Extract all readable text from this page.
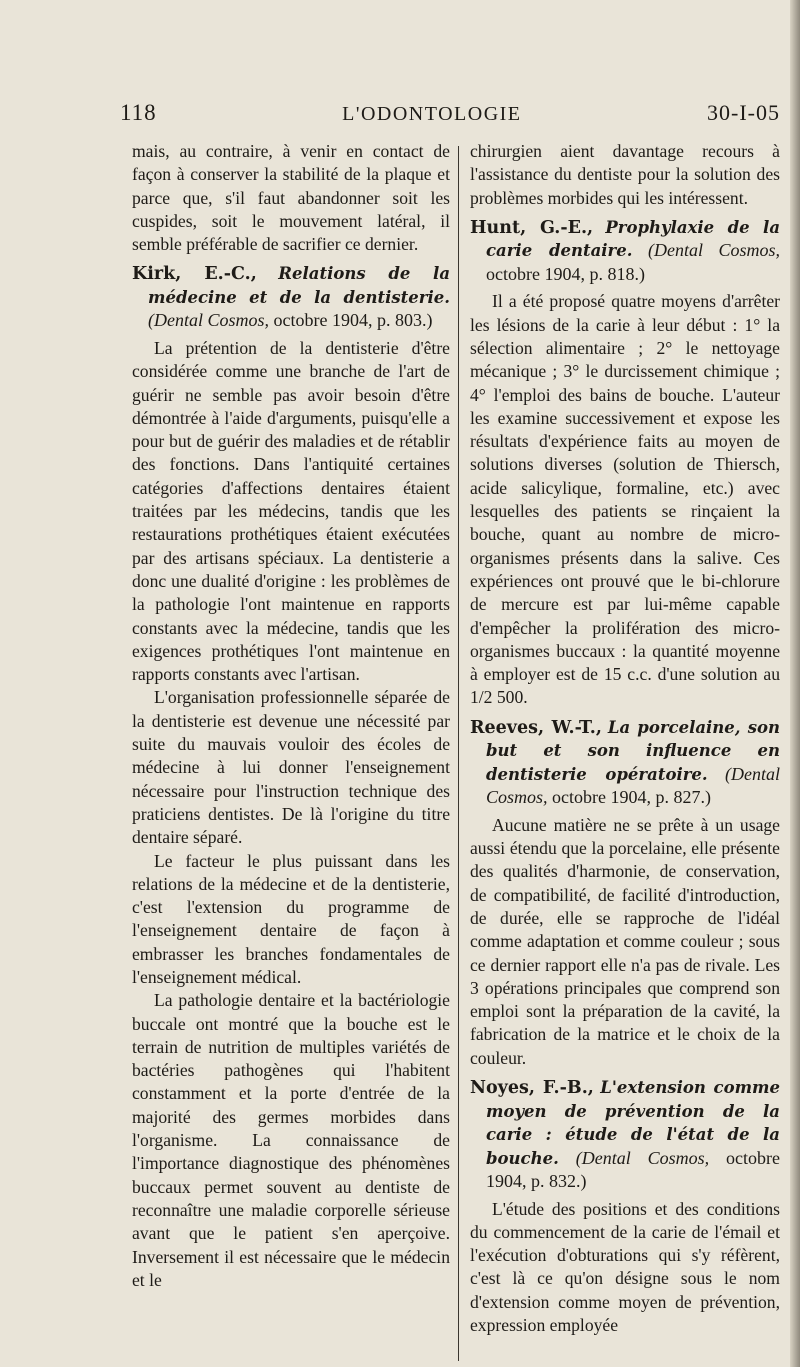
118	L'ODONTOLOGIE	30-I-05

mais, au contraire, à venir en contact de façon à conserver la stabilité de la plaque et parce que, s'il faut abandonner soit les cuspides, soit le mouvement latéral, il semble préférable de sacrifier ce dernier.

Kirk, E.-C., Relations de la médecine et de la dentisterie. (Dental Cosmos, octobre 1904, p. 803.)

La prétention de la dentisterie d'être considérée comme une branche de l'art de guérir ne semble pas avoir besoin d'être démontrée à l'aide d'arguments, puisqu'elle a pour but de guérir des maladies et de rétablir des fonctions. Dans l'antiquité certaines catégories d'affections dentaires étaient traitées par les médecins, tandis que les restaurations prothétiques étaient exécutées par des artisans spéciaux. La dentisterie a donc une dualité d'origine : les problèmes de la pathologie l'ont maintenue en rapports constants avec la médecine, tandis que les exigences prothétiques l'ont maintenue en rapports constants avec l'artisan.

L'organisation professionnelle séparée de la dentisterie est devenue une nécessité par suite du mauvais vouloir des écoles de médecine à lui donner l'enseignement nécessaire pour l'instruction technique des praticiens dentistes. De là l'origine du titre dentaire séparé.

Le facteur le plus puissant dans les relations de la médecine et de la dentisterie, c'est l'extension du programme de l'enseignement dentaire de façon à embrasser les branches fondamentales de l'enseignement médical.

La pathologie dentaire et la bactériologie buccale ont montré que la bouche est le terrain de nutrition de multiples variétés de bactéries pathogènes qui l'habitent constamment et la porte d'entrée de la majorité des germes morbides dans l'organisme. La connaissance de l'importance diagnostique des phénomènes buccaux permet souvent au dentiste de reconnaître une maladie corporelle sérieuse avant que le patient s'en aperçoive. Inversement il est nécessaire que le médecin et le

chirurgien aient davantage recours à l'assistance du dentiste pour la solution des problèmes morbides qui les intéressent.

Hunt, G.-E., Prophylaxie de la carie dentaire. (Dental Cosmos, octobre 1904, p. 818.)

Il a été proposé quatre moyens d'arrêter les lésions de la carie à leur début : 1° la sélection alimentaire ; 2° le nettoyage mécanique ; 3° le durcissement chimique ; 4° l'emploi des bains de bouche. L'auteur les examine successivement et expose les résultats d'expérience faits au moyen de solutions diverses (solution de Thiersch, acide salicylique, formaline, etc.) avec lesquelles des patients se rinçaient la bouche, quant au nombre de micro-organismes présents dans la salive. Ces expériences ont prouvé que le bi-chlorure de mercure est par lui-même capable d'empêcher la prolifération des micro-organismes buccaux : la quantité moyenne à employer est de 15 c.c. d'une solution au 1/2 500.

Reeves, W.-T., La porcelaine, son but et son influence en dentisterie opératoire. (Dental Cosmos, octobre 1904, p. 827.)

Aucune matière ne se prête à un usage aussi étendu que la porcelaine, elle présente des qualités d'harmonie, de conservation, de compatibilité, de facilité d'introduction, de durée, elle se rapproche de l'idéal comme adaptation et comme couleur ; sous ce dernier rapport elle n'a pas de rivale. Les 3 opérations principales que comprend son emploi sont la préparation de la cavité, la fabrication de la matrice et le choix de la couleur.

Noyes, F.-B., L'extension comme moyen de prévention de la carie : étude de l'état de la bouche. (Dental Cosmos, octobre 1904, p. 832.)

L'étude des positions et des conditions du commencement de la carie de l'émail et l'exécution d'obturations qui s'y réfèrent, c'est là ce qu'on désigne sous le nom d'extension comme moyen de prévention, expression employée
